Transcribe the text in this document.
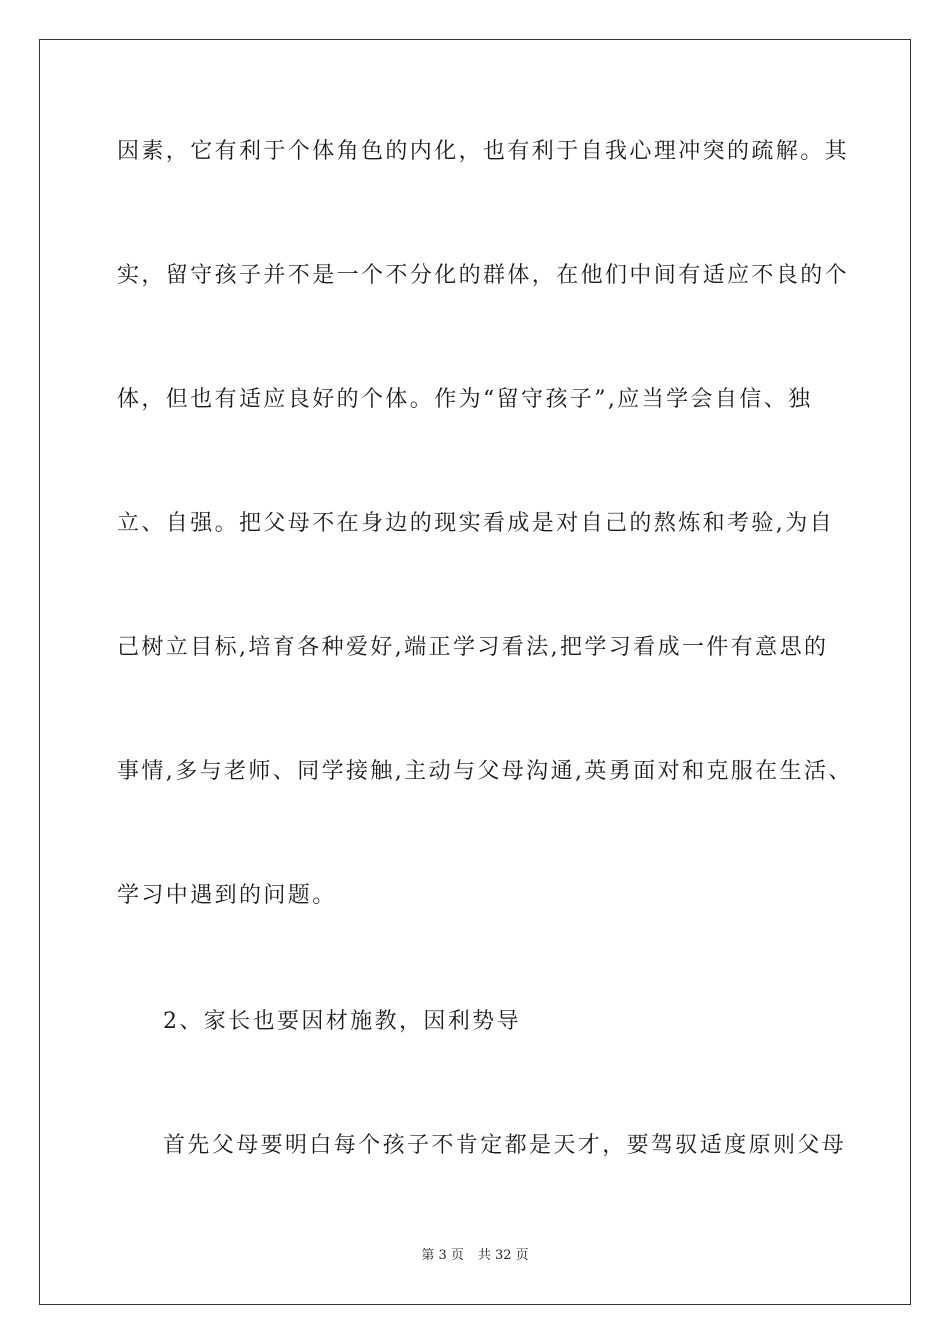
因素，它有利于个体角色的内化，也有利于自我心理冲突的疏解。其
实，留守孩子并不是一个不分化的群体，在他们中间有适应不良的个
体，但也有适应良好的个体。作为“留守孩子”,应当学会自信、独
立、自强。把父母不在身边的现实看成是对自己的熬炼和考验,为自
己树立目标,培育各种爱好,端正学习看法,把学习看成一件有意思的
事情,多与老师、同学接触,主动与父母沟通,英勇面对和克服在生活、
学习中遇到的问题。
2、家长也要因材施教，因利势导
首先父母要明白每个孩子不肯定都是天才，要驾驭适度原则父母
第 3 页 共 32 页
